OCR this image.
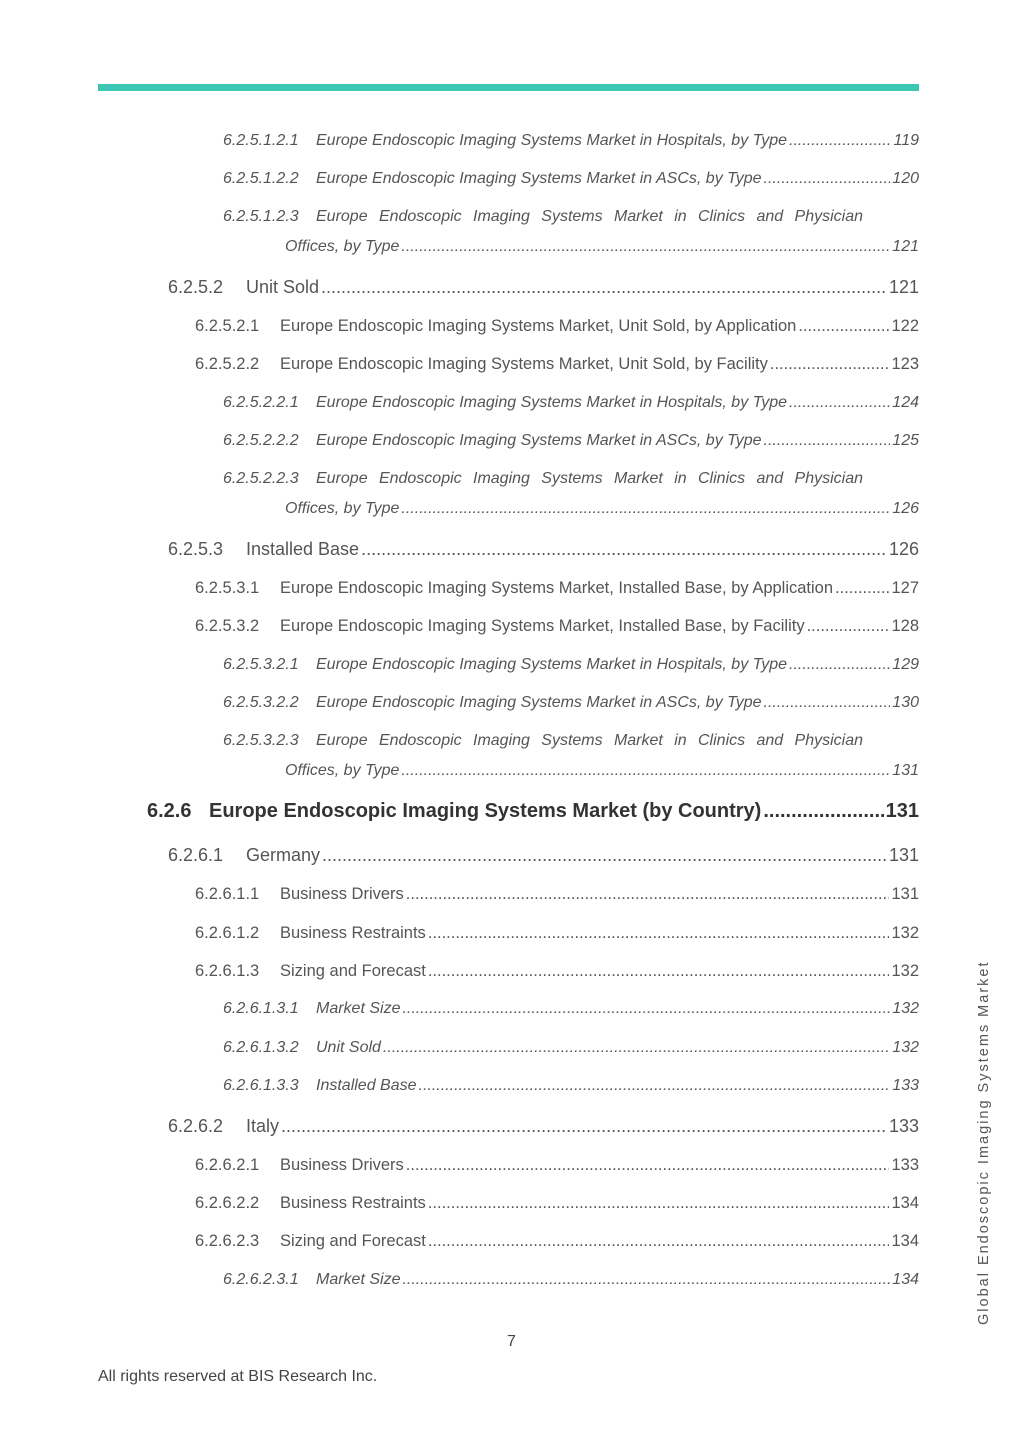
6.2.5.1.2.1	Europe Endoscopic Imaging Systems Market in Hospitals, by Type .....	119
6.2.5.1.2.2	Europe Endoscopic Imaging Systems Market in ASCs, by Type .....	120
6.2.5.1.2.3	Europe Endoscopic Imaging Systems Market in Clinics and Physician
Offices, by Type .....	121
6.2.5.2	Unit Sold .....	121
6.2.5.2.1	Europe Endoscopic Imaging Systems Market, Unit Sold, by Application .....	122
6.2.5.2.2	Europe Endoscopic Imaging Systems Market, Unit Sold, by Facility .....	123
6.2.5.2.2.1	Europe Endoscopic Imaging Systems Market in Hospitals, by Type .....	124
6.2.5.2.2.2	Europe Endoscopic Imaging Systems Market in ASCs, by Type .....	125
6.2.5.2.2.3	Europe Endoscopic Imaging Systems Market in Clinics and Physician
Offices, by Type .....	126
6.2.5.3	Installed Base .....	126
6.2.5.3.1	Europe Endoscopic Imaging Systems Market, Installed Base, by Application .....	127
6.2.5.3.2	Europe Endoscopic Imaging Systems Market, Installed Base, by Facility .....	128
6.2.5.3.2.1	Europe Endoscopic Imaging Systems Market in Hospitals, by Type .....	129
6.2.5.3.2.2	Europe Endoscopic Imaging Systems Market in ASCs, by Type .....	130
6.2.5.3.2.3	Europe Endoscopic Imaging Systems Market in Clinics and Physician
Offices, by Type .....	131
6.2.6 Europe Endoscopic Imaging Systems Market (by Country) .....	131
6.2.6.1	Germany .....	131
6.2.6.1.1	Business Drivers .....	131
6.2.6.1.2	Business Restraints .....	132
6.2.6.1.3	Sizing and Forecast .....	132
6.2.6.1.3.1	Market Size .....	132
6.2.6.1.3.2	Unit Sold .....	132
6.2.6.1.3.3	Installed Base .....	133
6.2.6.2	Italy .....	133
6.2.6.2.1	Business Drivers .....	133
6.2.6.2.2	Business Restraints .....	134
6.2.6.2.3	Sizing and Forecast .....	134
6.2.6.2.3.1	Market Size .....	134
7
All rights reserved at BIS Research Inc.
Global Endoscopic Imaging Systems Market
